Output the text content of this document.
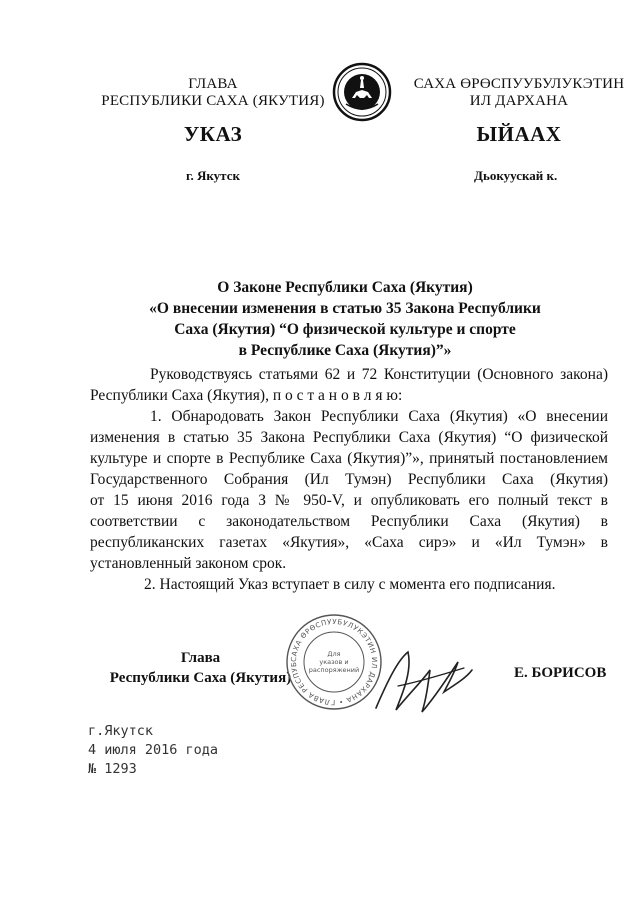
ГЛАВА
РЕСПУБЛИКИ САХА (ЯКУТИЯ)
САХА ӨРӨСПУУБУЛУКЭТИН
ИЛ ДАРХАНА
УКАЗ	ЫЙААХ
г. Якутск	Дьокуускай к.
О Законе Республики Саха (Якутия)
«О внесении изменения в статью 35 Закона Республики
Саха (Якутия) “О физической культуре и спорте
в Республике Саха (Якутия)”»
Руководствуясь статьями 62 и 72 Конституции (Основного закона)
Республики Саха (Якутия), п о с т а н о в л я ю:
1. Обнародовать Закон Республики Саха (Якутия) «О внесении
изменения в статью 35 Закона Республики Саха (Якутия) “О физической
культуре и спорте в Республике Саха (Якутия)”», принятый постановлением
Государственного Собрания (Ил Тумэн) Республики Саха (Якутия)
от 15 июня 2016 года З № 950-V, и опубликовать его полный текст в
соответствии с законодательством Республики Саха (Якутия) в
республиканских газетах «Якутия», «Саха сирэ» и «Ил Тумэн» в
установленный законом срок.
2. Настоящий Указ вступает в силу с момента его подписания.
Глава
Республики Саха (Якутия)
САХА ӨРӨСПУУБУЛУКЭТИН ИЛ ДАРХАНА • ГЛАВА РЕСПУБ
Для
указов и
распоряжений	Е. БОРИСОВ
г.Якутск
4 июля 2016 года
№ 1293
